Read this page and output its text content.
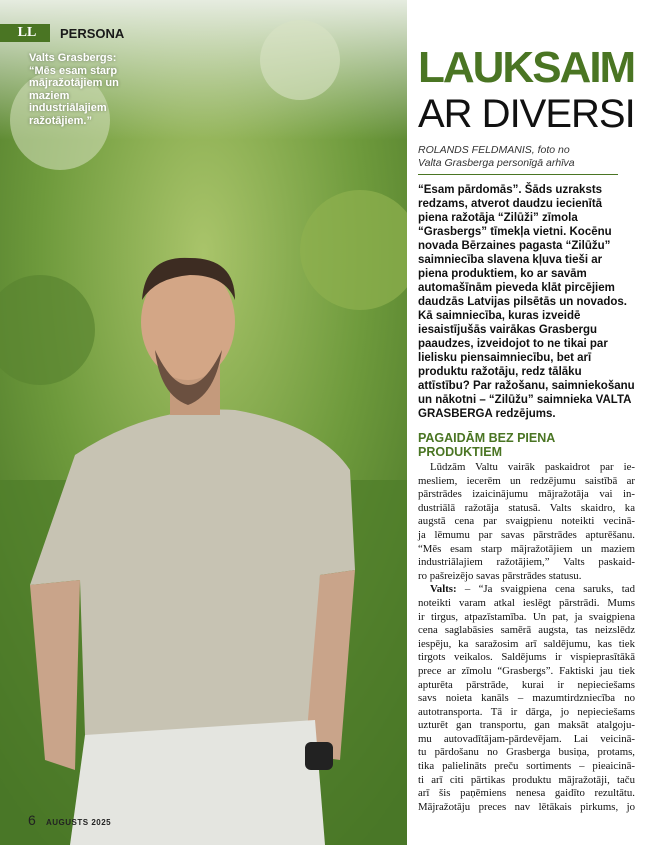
LL	PERSONA
Valts Grasbergs: “Mēs esam starp mājražotājiem un maziem industriālajiem ražotājiem.”
6 AUGUSTS 2025
LAUKSAIM
AR DIVERSI
ROLANDS FELDMANIS, foto no
Valta Grasberga personīgā arhīva
“Esam pārdomās”. Šāds uzraksts redzams, atverot daudzu iecienītā piena ražotāja “Zilūži” zīmola “Grasbergs” tīmekļa vietni. Kocēnu novada Bērzaines pagasta “Zilūžu” saimniecība slavena kļuva tieši ar piena produktiem, ko ar savām automašīnām pieveda klāt pircējiem daudzās Latvijas pilsētās un novados. Kā saimniecība, kuras izveidē iesaistījušās vairākas Grasbergu paaudzes, izveidojot to ne tikai par lielisku piensaimniecību, bet arī produktu ražotāju, redz tālāku attīstību? Par ražošanu, saimniekošanu un nākotni – “Zilūžu” saimnieka VALTA GRASBERGA redzējums.
PAGAIDĀM BEZ PIENA PRODUKTIEM
Lūdzām Valtu vairāk paskaidrot par ie-
mesliem, iecerēm un redzējumu saistībā ar
pārstrādes izaicinājumu mājražotāja vai in-
dustriālā ražotāja statusā. Valts skaidro, ka
augstā cena par svaigpienu noteikti vecinā-
ja lēmumu par savas pārstrādes apturēšanu.
“Mēs esam starp mājražotājiem un maziem
industriālajiem ražotājiem,” Valts paskaid-
ro pašreizējo savas pārstrādes statusu.
Valts: – “Ja svaigpiena cena saruks, tad
noteikti varam atkal ieslēgt pārstrādi. Mums
ir tirgus, atpazīstamība. Un pat, ja svaigpiena
cena saglabāsies samērā augsta, tas neizslēdz
iespēju, ka saražosim arī saldējumu, kas tiek
tirgots veikalos. Saldējums ir vispieprasītākā
prece ar zīmolu “Grasbergs”. Faktiski jau tiek
apturēta pārstrāde, kurai ir nepieciešams
savs noieta kanāls – mazumtirdzniecība no
autotransporta. Tā ir dārga, jo nepieciešams
uzturēt gan transportu, gan maksāt atalgoju-
mu autovadītājam-pārdevējam. Lai veicinā-
tu pārdošanu no Grasberga busiņa, protams,
tika palielināts preču sortiments – pieaicinā-
ti arī citi pārtikas produktu mājražotāji, taču
arī šis paņēmiens nenesa gaidīto rezultātu.
Mājražotāju preces nav lētākais pirkums, jo
